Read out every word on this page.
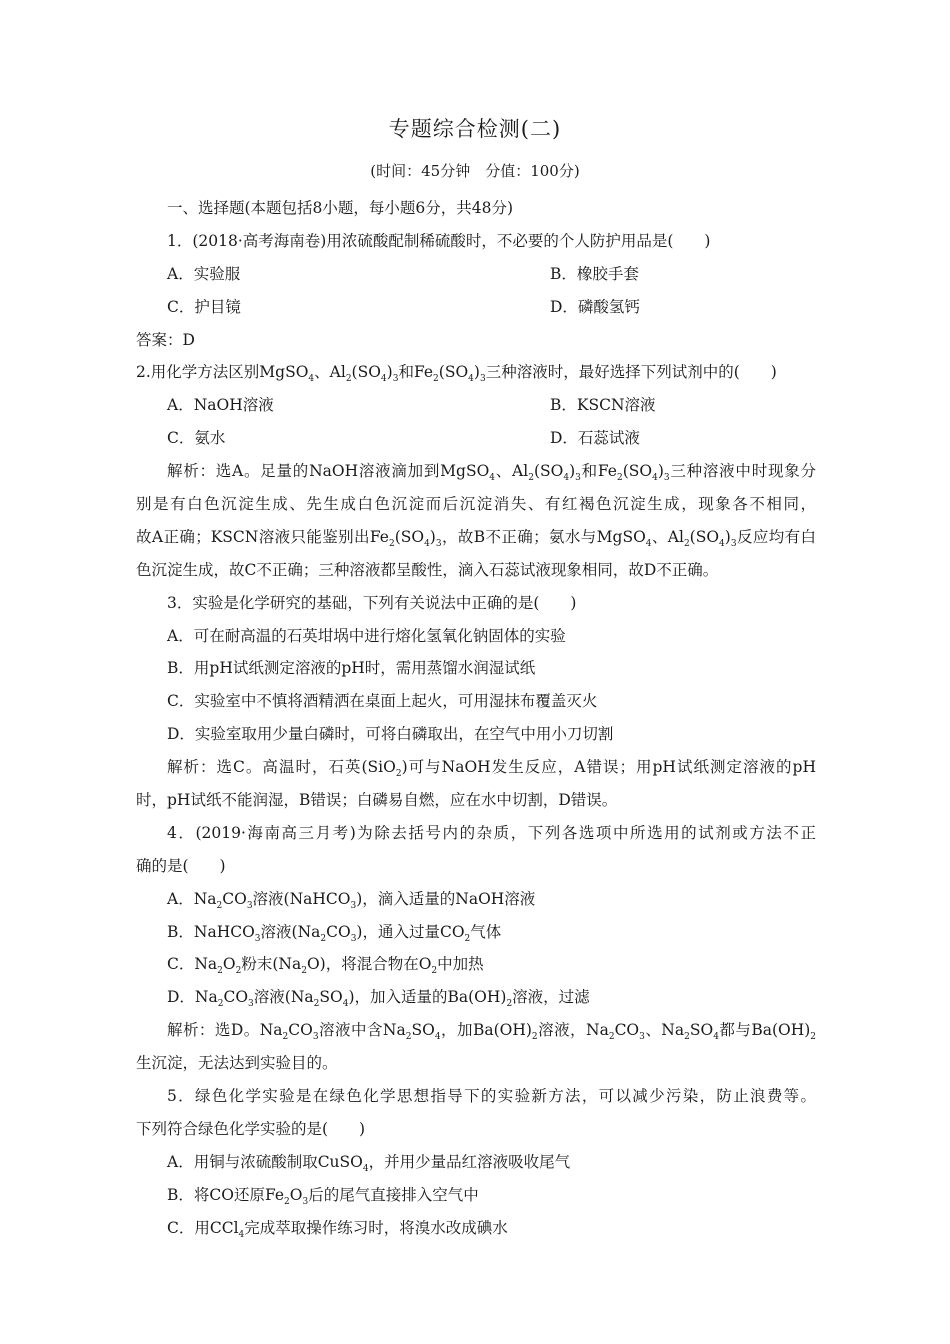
专题综合检测(二)
(时间：45分钟　分值：100分)
一、选择题(本题包括8小题，每小题6分，共48分)
1．(2018·高考海南卷)用浓硫酸配制稀硫酸时，不必要的个人防护用品是(　　)
A．实验服	B．橡胶手套
C．护目镜	D．磷酸氢钙
答案：D
2.用化学方法区别MgSO$_4$、$Al_2(SO_4)_3$和$Fe_2(SO_4)_3$三种溶液时，最好选择下列试剂中的(　　)
A．NaOH溶液	B．KSCN溶液
C．氨水	D．石蕊试液
解析：选A。足量的NaOH溶液滴加到MgSO$_4$、$Al_2(SO_4)_3$和$Fe_2(SO_4)_3$三种溶液中时现象分
别是有白色沉淀生成、先生成白色沉淀而后沉淀消失、有红褐色沉淀生成，现象各不相同，
故A正确；KSCN溶液只能鉴别出$Fe_2(SO_4)_3$，故B不正确；氨水与MgSO$_4$、$Al_2(SO_4)_3$反应均有白
色沉淀生成，故C不正确；三种溶液都呈酸性，滴入石蕊试液现象相同，故D不正确。
3．实验是化学研究的基础，下列有关说法中正确的是(　　)
A．可在耐高温的石英坩埚中进行熔化氢氧化钠固体的实验
B．用pH试纸测定溶液的pH时，需用蒸馏水润湿试纸
C．实验室中不慎将酒精洒在桌面上起火，可用湿抹布覆盖灭火
D．实验室取用少量白磷时，可将白磷取出，在空气中用小刀切割
解析：选C。高温时，石英(SiO$_2$)可与NaOH发生反应，A错误；用pH试纸测定溶液的pH
时，pH试纸不能润湿，B错误；白磷易自燃，应在水中切割，D错误。
4．(2019·海南高三月考)为除去括号内的杂质，下列各选项中所选用的试剂或方法不正
确的是(　　)
A．$Na_2CO_3$溶液(NaHCO$_3$)，滴入适量的NaOH溶液
B．NaHCO$_3$溶液$(Na_2CO_3)$，通入过量$CO_2$气体
C．$Na_2O_2$粉末$(Na_2O)$，将混合物在$O_2$中加热
D．$Na_2CO_3$溶液$(Na_2SO_4)$，加入适量的$Ba(OH)_2$溶液，过滤
解析：选D。$Na_2CO_3$溶液中含$Na_2SO_4$，加$Ba(OH)_2$溶液，$Na_2CO_3$、$Na_2SO_4$都与$Ba(OH)_2$
生沉淀，无法达到实验目的。
5．绿色化学实验是在绿色化学思想指导下的实验新方法，可以减少污染，防止浪费等。
下列符合绿色化学实验的是(　　)
A．用铜与浓硫酸制取CuSO$_4$，并用少量品红溶液吸收尾气
B．将CO还原$Fe_2O_3$后的尾气直接排入空气中
C．用CCl$_4$完成萃取操作练习时，将溴水改成碘水
